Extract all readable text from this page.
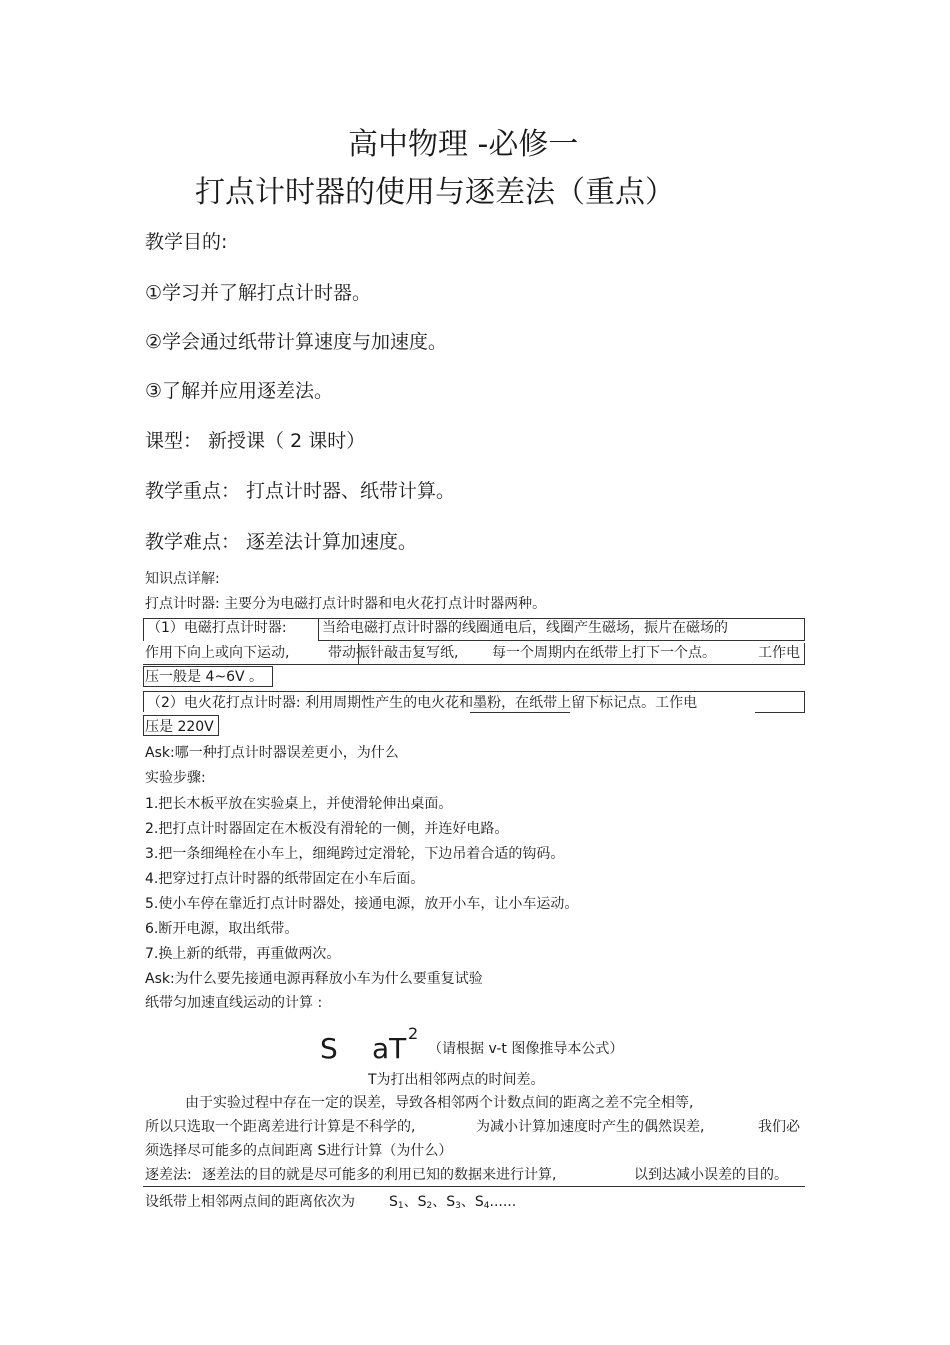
高中物理 -必修一
打点计时器的使用与逐差法（重点）
教学目的:
①学习并了解打点计时器。
②学会通过纸带计算速度与加速度。
③了解并应用逐差法。
课型： 新授课（ 2 课时）
教学重点： 打点计时器、纸带计算。
教学难点： 逐差法计算加速度。
知识点详解:
打点计时器: 主要分为电磁打点计时器和电火花打点计时器两种。
（1）电磁打点计时器:	当给电磁打点计时器的线圈通电后，线圈产生磁场，振片在磁场的
作用下向上或向下运动,	带动振针敲击复写纸, 每一个周期内在纸带上打下一个点。	工作电
压一般是 4~6V 。
（2）电火花打点计时器: 利用周期性产生的电火花和墨粉，在纸带上留下标记点。工作电
压是 220V
Ask:哪一种打点计时器误差更小，为什么
实验步骤:
1.把长木板平放在实验桌上，并使滑轮伸出桌面。
2.把打点计时器固定在木板没有滑轮的一侧，并连好电路。
3.把一条细绳栓在小车上，细绳跨过定滑轮，下边吊着合适的钩码。
4.把穿过打点计时器的纸带固定在小车后面。
5.使小车停在靠近打点计时器处，接通电源，放开小车，让小车运动。
6.断开电源，取出纸带。
7.换上新的纸带，再重做两次。
Ask:为什么要先接通电源再释放小车为什么要重复试验
纸带匀加速直线运动的计算 :
S aT 2
（请根据 v-t 图像推导本公式）
T为打出相邻两点的时间差。
由于实验过程中存在一定的误差，导致各相邻两个计数点间的距离之差不完全相等,
所以只选取一个距离差进行计算是不科学的,	为减小计算加速度时产生的偶然误差,	我们必
须选择尽可能多的点间距离 S进行计算（为什么）
逐差法: 逐差法的目的就是尽可能多的利用已知的数据来进行计算,	以到达减小误差的目的。
设纸带上相邻两点间的距离依次为 $S_1$、$S_2$、$S_3$、$S_4$......
